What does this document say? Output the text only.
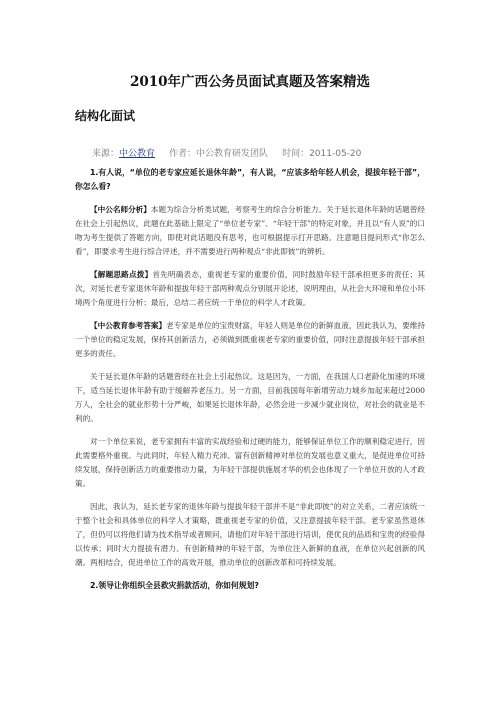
2010年广西公务员面试真题及答案精选
结构化面试
来源：中公教育 作者：中公教育研发团队 时间：2011-05-20

1.有人说，“单位的老专家应延长退休年龄”，有人说，“应该多给年轻人机会，提拔年轻干部”，你怎么看?

【中公名师分析】本题为综合分析类试题，考察考生的综合分析能力。关于延长退休年龄的话题曾经在社会上引起热议，此题在此基础上限定了“单位老专家”、“年轻干部”的特定对象，并且以“有人说”的口吻为考生提供了答题方向，即使对此话题没有思考，也可根据提示打开思路。注意题目提问形式“你怎么看”，即要求考生进行综合评述，并不需要进行两种观点“非此即彼”的辨析。

【解题思路点拨】首先明确表态，重视老专家的重要价值，同时鼓励年轻干部承担更多的责任；其次，对延长老专家退休年龄和提拔年轻干部两种观点分别展开论述，说明理由，从社会大环境和单位小环境两个角度进行分析；最后，总结二者应统一于单位的科学人才政策。

【中公教育参考答案】老专家是单位的宝贵财富，年轻人则是单位的新鲜血液，因此我认为，要维持一个单位的稳定发展，保持其创新活力，必须做到既重视老专家的重要价值，同时注意提拔年轻干部承担更多的责任。

关于延长退休年龄的话题曾经在社会上引起热议。这是因为，一方面，在我国人口老龄化加速的环境下，适当延长退休年龄有助于缓解养老压力。另一方面，目前我国每年新增劳动力城乡加起来超过2000万人，全社会的就业形势十分严峻，如果延长退休年龄，必然会进一步减少就业岗位，对社会的就业是不利的。

对一个单位来说，老专家拥有丰富的实战经验和过硬的能力，能够保证单位工作的顺利稳定进行，因此需要格外重视。与此同时，年轻人精力充沛、富有创新精神对单位的发展也意义重大，是促进单位可持续发展，保持创新活力的重要推动力量，为年轻干部提供施展才华的机会也体现了一个单位开放的人才政策。

因此，我认为，延长老专家的退休年龄与提拔年轻干部并不是“非此即彼”的对立关系，二者应该统一于整个社会和具体单位的科学人才策略，既重视老专家的价值，又注意提拔年轻干部。老专家虽然退休了，但仍可以将他们请为技术指导或者顾问，请他们对年轻干部进行培训，使优良的品质和宝贵的经验得以传承；同时大力提拔有潜力、有创新精神的年轻干部，为单位注入新鲜的血液，在单位兴起创新的风潮。两相结合，促进单位工作的高效开展，推动单位的创新改革和可持续发展。

2.领导让你组织全县救灾捐款活动，你如何规划?
